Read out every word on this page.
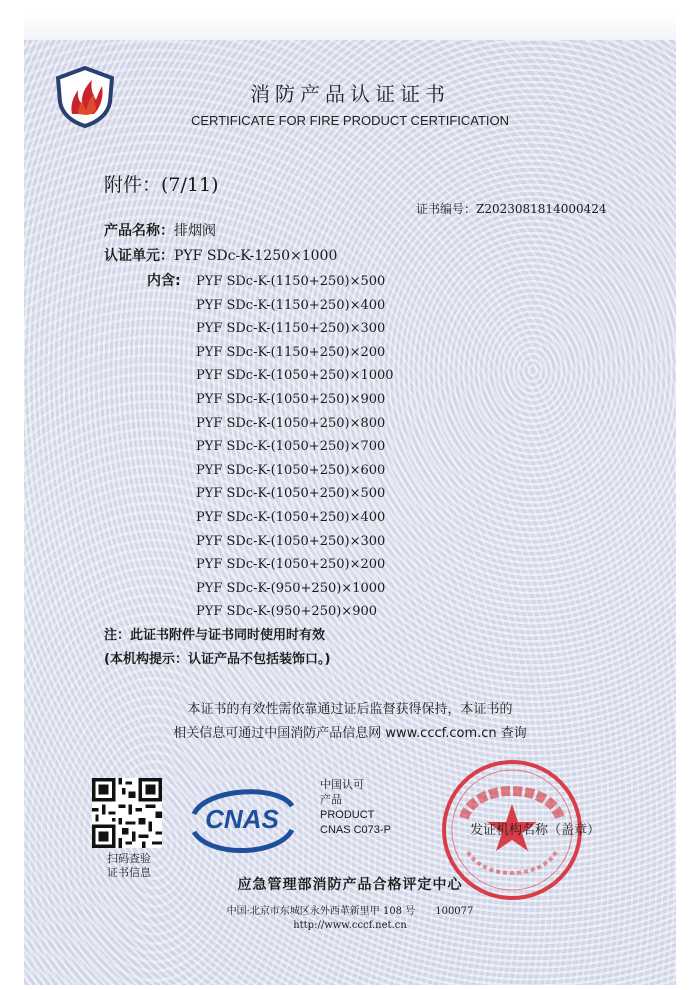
消防产品认证证书
CERTIFICATE FOR FIRE PRODUCT CERTIFICATION
附件：(7/11)
证书编号：Z2023081814000424
产品名称：排烟阀
认证单元：PYF SDc-K-1250×1000
内含: PYF SDc-K-(1150+250)×500
PYF SDc-K-(1150+250)×400
PYF SDc-K-(1150+250)×300
PYF SDc-K-(1150+250)×200
PYF SDc-K-(1050+250)×1000
PYF SDc-K-(1050+250)×900
PYF SDc-K-(1050+250)×800
PYF SDc-K-(1050+250)×700
PYF SDc-K-(1050+250)×600
PYF SDc-K-(1050+250)×500
PYF SDc-K-(1050+250)×400
PYF SDc-K-(1050+250)×300
PYF SDc-K-(1050+250)×200
PYF SDc-K-(950+250)×1000
PYF SDc-K-(950+250)×900
注：此证书附件与证书同时使用时有效
(本机构提示：认证产品不包括装饰口。)
本证书的有效性需依靠通过证后监督获得保持，本证书的
相关信息可通过中国消防产品信息网 www.cccf.com.cn 查询
扫码查验
证书信息
CNAS
中国认可
产品
PRODUCT
CNAS C073-P	发证机构名称（盖章）
应急管理部消防产品合格评定中心
中国·北京市东城区永外西革新里甲 108 号　　100077
http://www.cccf.net.cn
